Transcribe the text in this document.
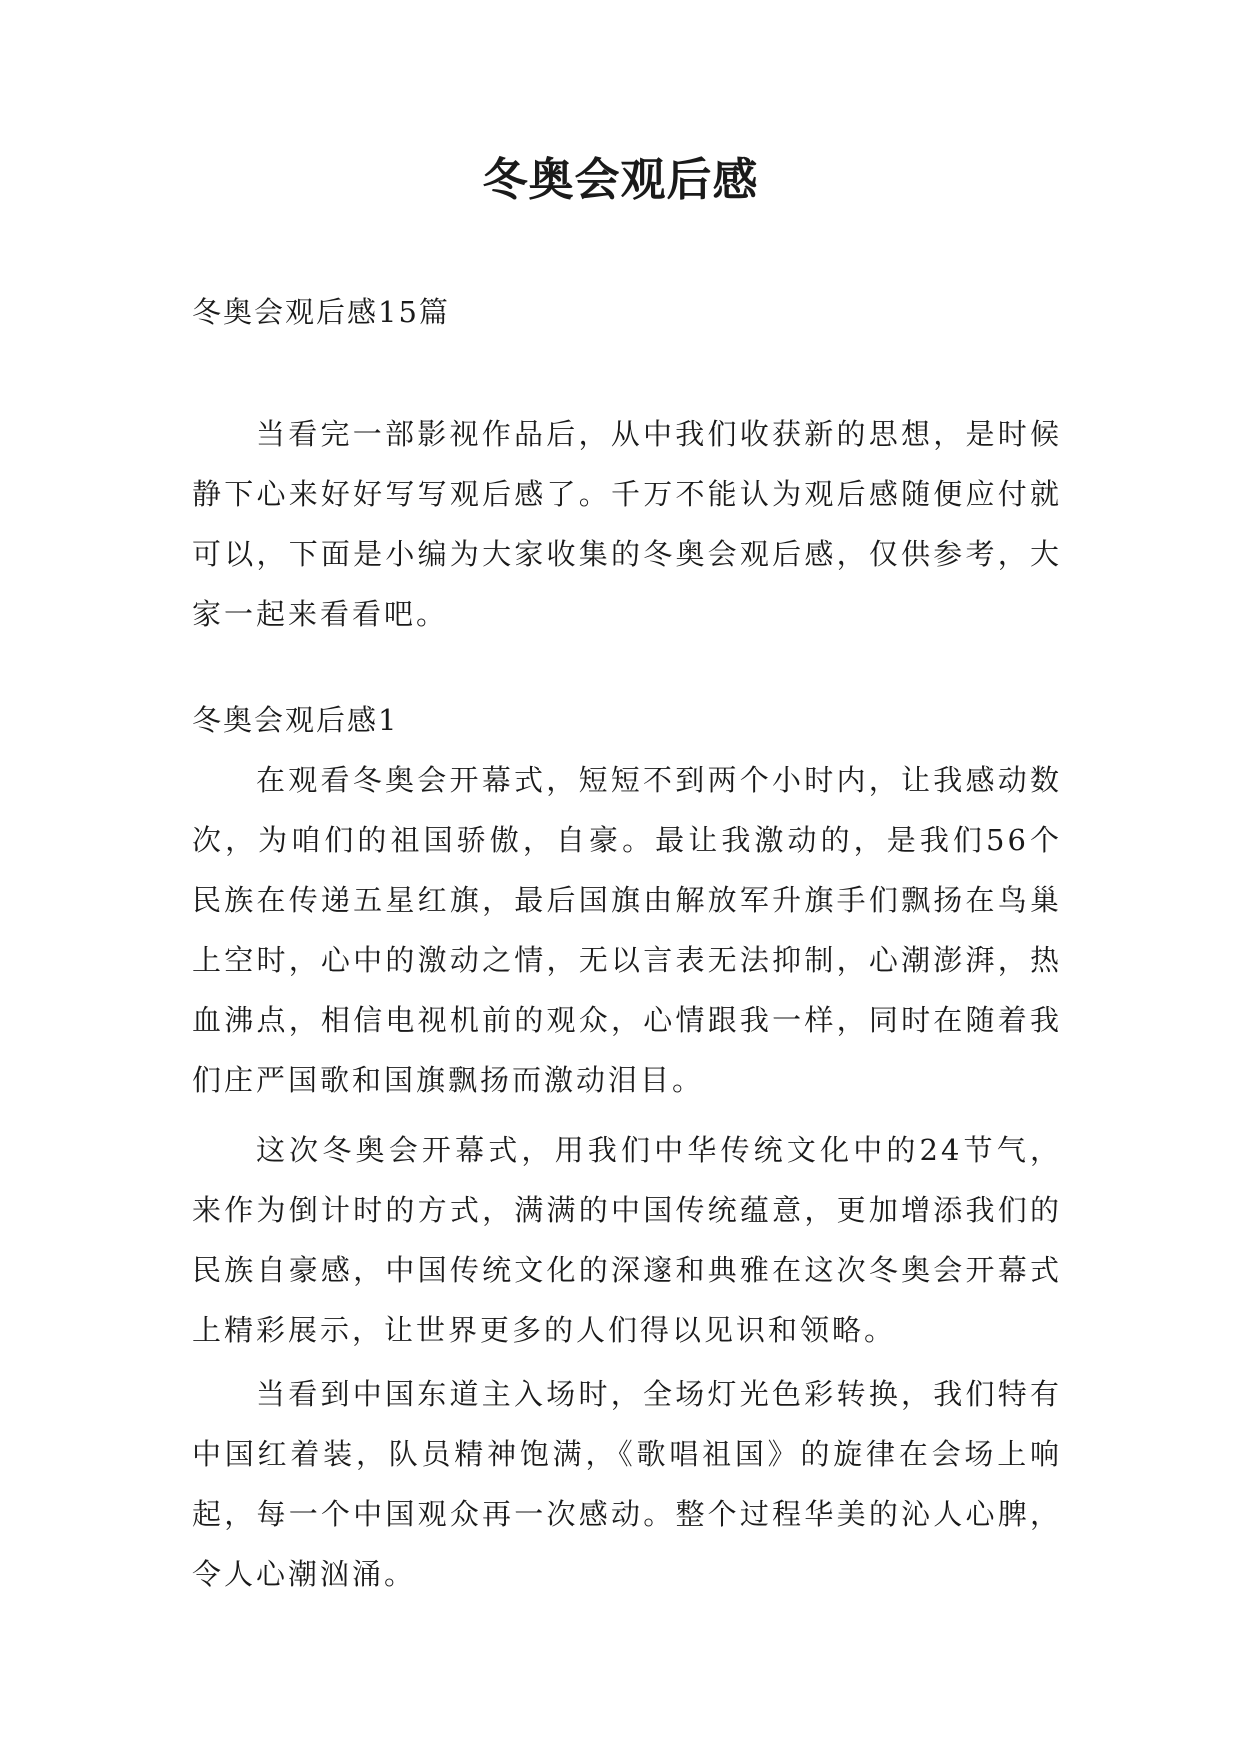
冬奥会观后感
冬奥会观后感15篇

当看完一部影视作品后，从中我们收获新的思想，是时候静下心来好好写写观后感了。千万不能认为观后感随便应付就可以，下面是小编为大家收集的冬奥会观后感，仅供参考，大家一起来看看吧。

冬奥会观后感1

在观看冬奥会开幕式，短短不到两个小时内，让我感动数次，为咱们的祖国骄傲，自豪。最让我激动的，是我们56个民族在传递五星红旗，最后国旗由解放军升旗手们飘扬在鸟巢上空时，心中的激动之情，无以言表无法抑制，心潮澎湃，热血沸点，相信电视机前的观众，心情跟我一样，同时在随着我们庄严国歌和国旗飘扬而激动泪目。

这次冬奥会开幕式，用我们中华传统文化中的24节气，来作为倒计时的方式，满满的中国传统蕴意，更加增添我们的民族自豪感，中国传统文化的深邃和典雅在这次冬奥会开幕式上精彩展示，让世界更多的人们得以见识和领略。

当看到中国东道主入场时，全场灯光色彩转换，我们特有中国红着装，队员精神饱满，《歌唱祖国》的旋律在会场上响起，每一个中国观众再一次感动。整个过程华美的沁人心脾，令人心潮汹涌。
